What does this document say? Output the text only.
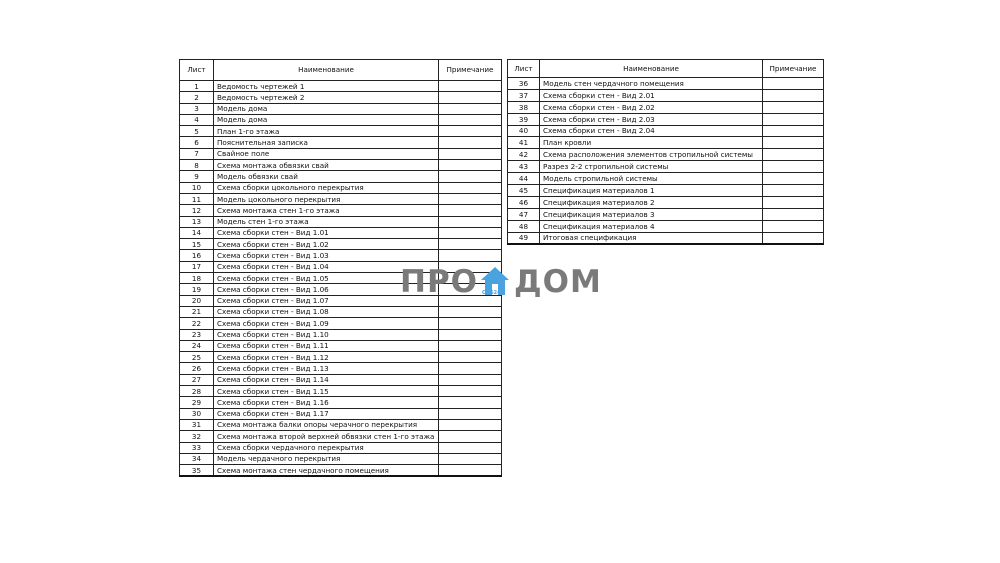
Лист	Наименование	Примечание
1	Ведомость чертежей 1	
2	Ведомость чертежей 2	
3	Модель дома	
4	Модель дома	
5	План 1-го этажа	
6	Пояснительная записка	
7	Свайное поле	
8	Схема монтажа обвязки свай	
9	Модель обвязки свай	
10	Схема сборки цокольного перекрытия	
11	Модель цокольного перекрытия	
12	Схема монтажа стен 1-го этажа	
13	Модель стен 1-го этажа	
14	Схема сборки стен - Вид 1.01	
15	Схема сборки стен - Вид 1.02	
16	Схема сборки стен - Вид 1.03	
17	Схема сборки стен - Вид 1.04	
18	Схема сборки стен - Вид 1.05	
19	Схема сборки стен - Вид 1.06	
20	Схема сборки стен - Вид 1.07	
21	Схема сборки стен - Вид 1.08	
22	Схема сборки стен - Вид 1.09	
23	Схема сборки стен - Вид 1.10	
24	Схема сборки стен - Вид 1.11	
25	Схема сборки стен - Вид 1.12	
26	Схема сборки стен - Вид 1.13	
27	Схема сборки стен - Вид 1.14	
28	Схема сборки стен - Вид 1.15	
29	Схема сборки стен - Вид 1.16	
30	Схема сборки стен - Вид 1.17	
31	Схема монтажа балки опоры черачного перекрытия	
32	Схема монтажа второй верхней обвязки стен 1-го этажа	
33	Схема сборки чердачного перекрытия	
34	Модель чердачного перекрытия	
35	Схема монтажа стен чердачного помещения	
Лист	Наименование	Примечание
36	Модель стен чердачного помещения	
37	Схема сборки стен - Вид 2.01	
38	Схема сборки стен - Вид 2.02	
39	Схема сборки стен - Вид 2.03	
40	Схема сборки стен - Вид 2.04	
41	План кровли	
42	Схема расположения элементов стропильной системы	
43	Разрез 2-2 стропильной системы	
44	Модель стропильной системы	
45	Спецификация материалов 1	
46	Спецификация материалов 2	
47	Спецификация материалов 3	
48	Спецификация материалов 4	
49	Итоговая спецификация	
ПРО ДОМ
СИБ24
